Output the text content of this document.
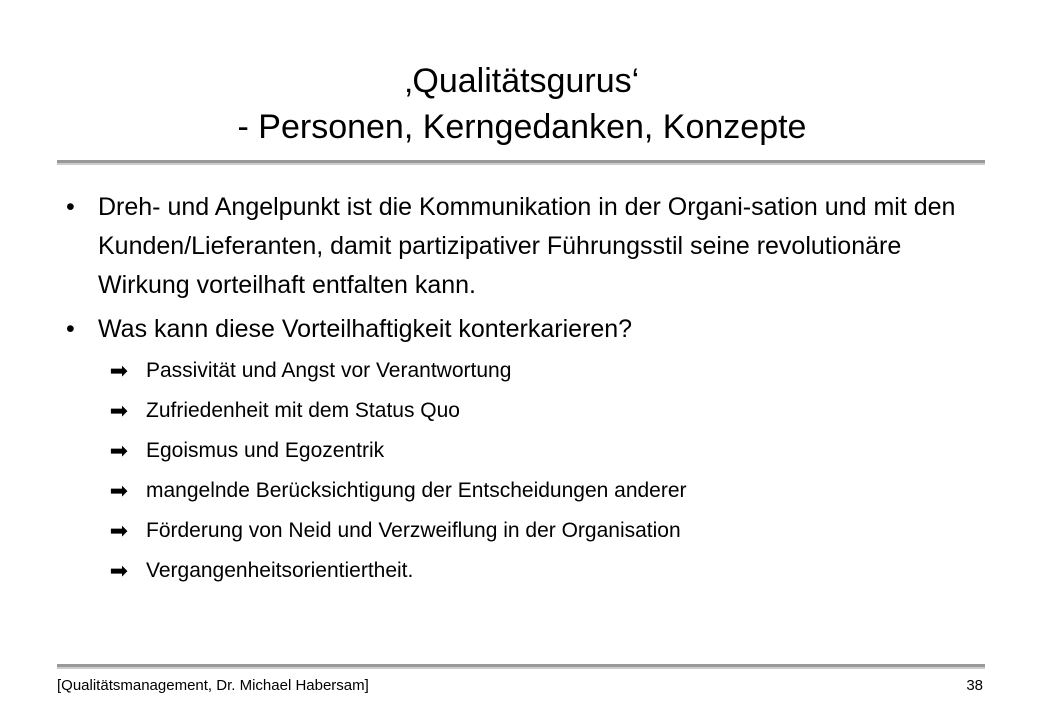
‚Qualitätsgurus‘
- Personen, Kerngedanken, Konzepte
• Dreh- und Angelpunkt ist die Kommunikation in der Organi-sation und mit den Kunden/Lieferanten, damit partizipativer Führungsstil seine revolutionäre Wirkung vorteilhaft entfalten kann.
• Was kann diese Vorteilhaftigkeit konterkarieren?
➡ Passivität und Angst vor Verantwortung
➡ Zufriedenheit mit dem Status Quo
➡ Egoismus und Egozentrik
➡ mangelnde Berücksichtigung der Entscheidungen anderer
➡ Förderung von Neid und Verzweiflung in der Organisation
➡ Vergangenheitsorientiertheit.
[Qualitätsmanagement, Dr. Michael Habersam]	38
